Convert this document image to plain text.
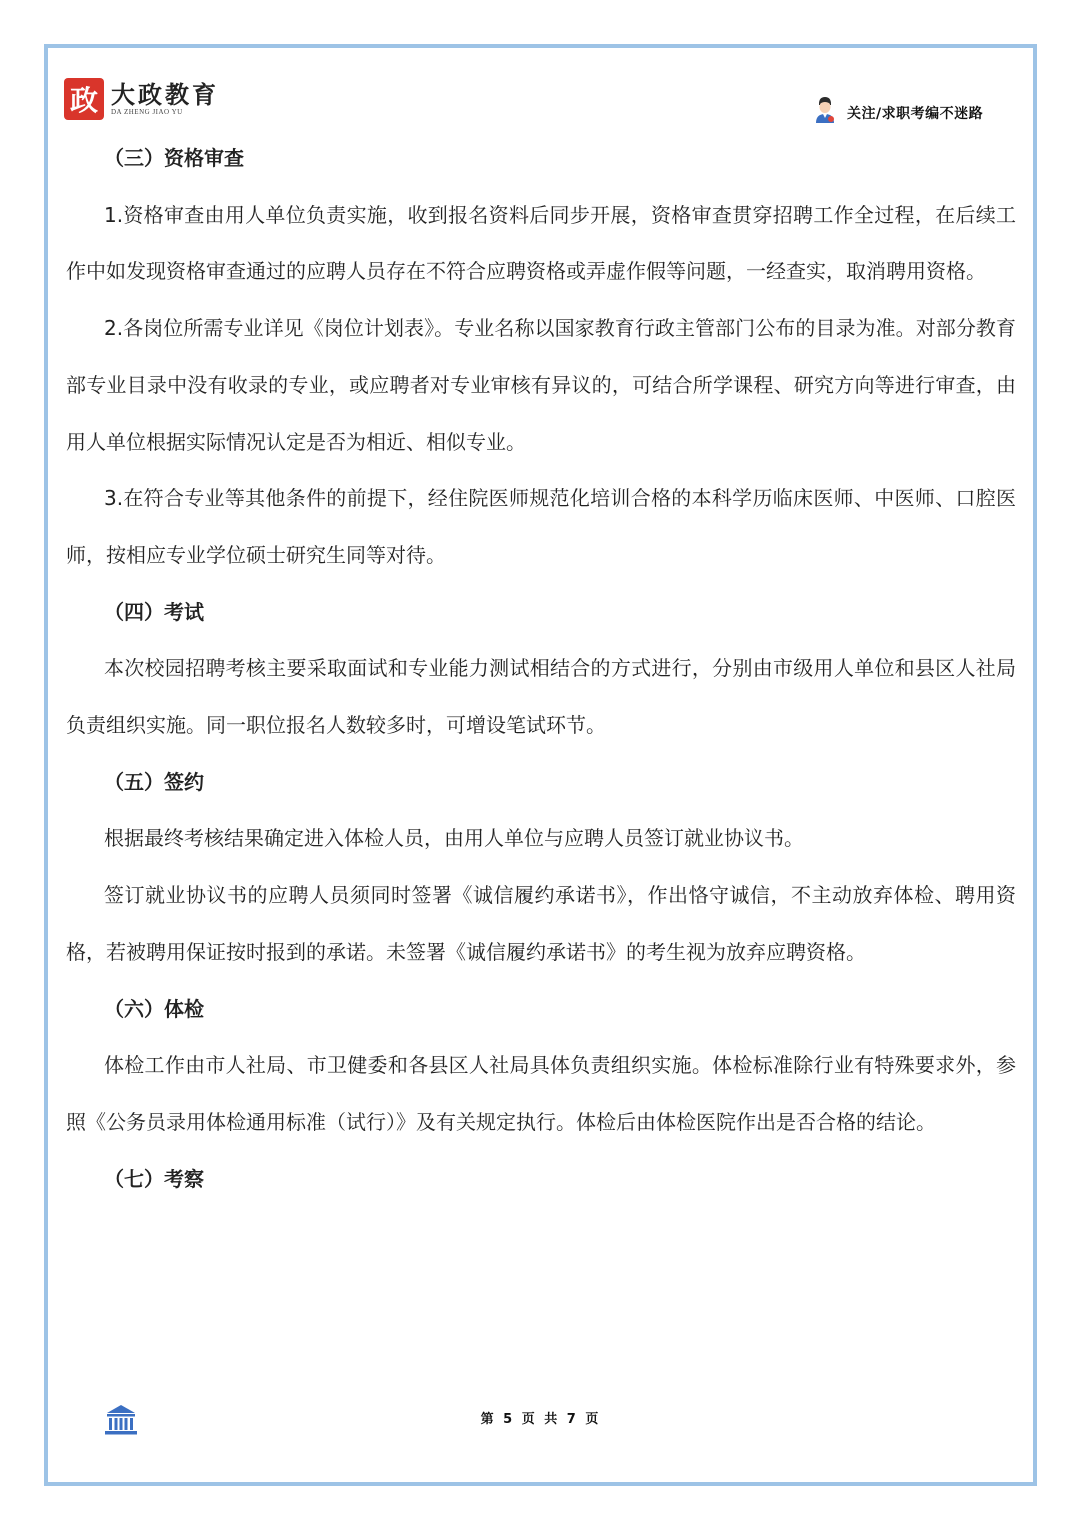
政 大政教育
DA ZHENG JIAO YU	关注/求职考编不迷路
（三）资格审查

1.资格审查由用人单位负责实施，收到报名资料后同步开展，资格审查贯穿招聘工作全过程，在后续工作中如发现资格审查通过的应聘人员存在不符合应聘资格或弄虚作假等问题，一经查实，取消聘用资格。

2.各岗位所需专业详见《岗位计划表》。专业名称以国家教育行政主管部门公布的目录为准。对部分教育部专业目录中没有收录的专业，或应聘者对专业审核有异议的，可结合所学课程、研究方向等进行审查，由用人单位根据实际情况认定是否为相近、相似专业。

3.在符合专业等其他条件的前提下，经住院医师规范化培训合格的本科学历临床医师、中医师、口腔医师，按相应专业学位硕士研究生同等对待。

（四）考试

本次校园招聘考核主要采取面试和专业能力测试相结合的方式进行，分别由市级用人单位和县区人社局负责组织实施。同一职位报名人数较多时，可增设笔试环节。

（五）签约

根据最终考核结果确定进入体检人员，由用人单位与应聘人员签订就业协议书。

签订就业协议书的应聘人员须同时签署《诚信履约承诺书》，作出恪守诚信，不主动放弃体检、聘用资格，若被聘用保证按时报到的承诺。未签署《诚信履约承诺书》的考生视为放弃应聘资格。

（六）体检

体检工作由市人社局、市卫健委和各县区人社局具体负责组织实施。体检标准除行业有特殊要求外，参照《公务员录用体检通用标准（试行）》及有关规定执行。体检后由体检医院作出是否合格的结论。

（七）考察
第 5 页 共 7 页
